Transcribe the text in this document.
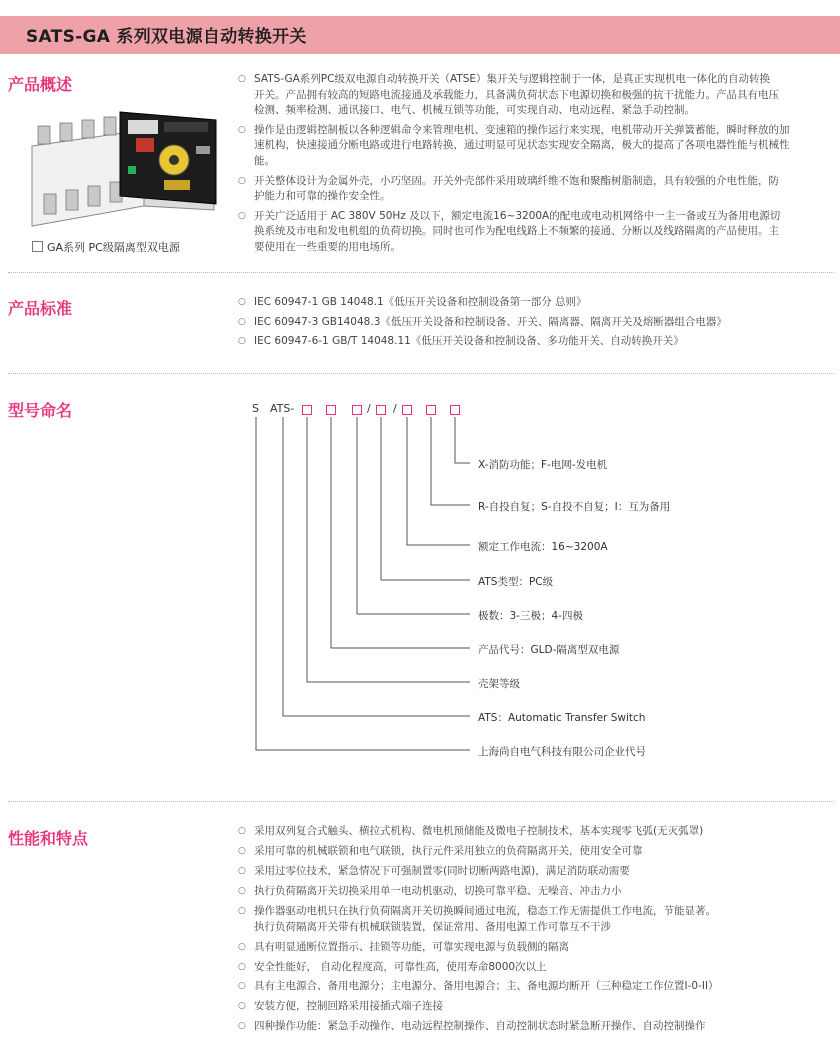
SATS-GA 系列双电源自动转换开关
产品概述
GA系列 PC级隔离型双电源
○ SATS-GA系列PC级双电源自动转换开关（ATSE）集开关与逻辑控制于一体，是真正实现机电一体化的自动转换
开关。产品拥有较高的短路电流接通及承载能力，具备满负荷状态下电源切换和极强的抗干扰能力。产品具有电压
检测、频率检测、通讯接口、电气、机械互锁等功能，可实现自动、电动远程、紧急手动控制。
○ 操作是由逻辑控制板以各种逻辑命令来管理电机、变速箱的操作运行来实现，电机带动开关弹簧蓄能，瞬时释放的加
速机构，快速接通分断电路或进行电路转换，通过明显可见状态实现安全隔离，极大的提高了各项电器性能与机械性
能。
○ 开关整体设计为金属外壳，小巧坚固。开关外壳部件采用玻璃纤维不饱和聚酯树脂制造，具有较强的介电性能，防
护能力和可靠的操作安全性。
○ 开关广泛适用于 AC 380V 50Hz 及以下，额定电流16~3200A的配电或电动机网络中一主一备或互为备用电源切
换系统及市电和发电机组的负荷切换。同时也可作为配电线路上不频繁的接通、分断以及线路隔离的产品使用。主
要使用在一些重要的用电场所。
产品标准	○ IEC 60947-1 GB 14048.1《低压开关设备和控制设备第一部分 总则》
○ IEC 60947-3 GB14048.3《低压开关设备和控制设备、开关、隔离器、隔离开关及熔断器组合电器》
○ IEC 60947-6-1 GB/T 14048.11《低压开关设备和控制设备、多功能开关、自动转换开关》
型号命名	S ATS-	/ /
X-消防功能；F-电网-发电机
R-自投自复；S-自投不自复；I：互为备用
额定工作电流：16~3200A
ATS类型：PC级
极数：3-三极；4-四极
产品代号：GLD-隔离型双电源
壳架等级
ATS：Automatic Transfer Switch
上海尚自电气科技有限公司企业代号
性能和特点	○ 采用双列复合式触头、横拉式机构、微电机预储能及微电子控制技术，基本实现零飞弧(无灭弧罩)
○ 采用可靠的机械联锁和电气联锁，执行元件采用独立的负荷隔离开关，使用安全可靠
○ 采用过零位技术，紧急情况下可强制置零(同时切断两路电源)，满足消防联动需要
○ 执行负荷隔离开关切换采用单一电动机驱动，切换可靠平稳、无噪音、冲击力小
○ 操作器驱动电机只在执行负荷隔离开关切换瞬间通过电流，稳态工作无需提供工作电流，节能显著。
执行负荷隔离开关带有机械联锁装置，保证常用、备用电源工作可靠互不干涉
○ 具有明显通断位置指示、挂锁等功能，可靠实现电源与负载侧的隔离
○ 安全性能好， 自动化程度高，可靠性高，使用寿命8000次以上
○ 具有主电源合、备用电源分；主电源分、备用电源合；主、备电源均断开（三种稳定工作位置I-0-II）
○ 安装方便，控制回路采用接插式端子连接
○ 四种操作功能：紧急手动操作、电动远程控制操作、自动控制状态时紧急断开操作、自动控制操作
